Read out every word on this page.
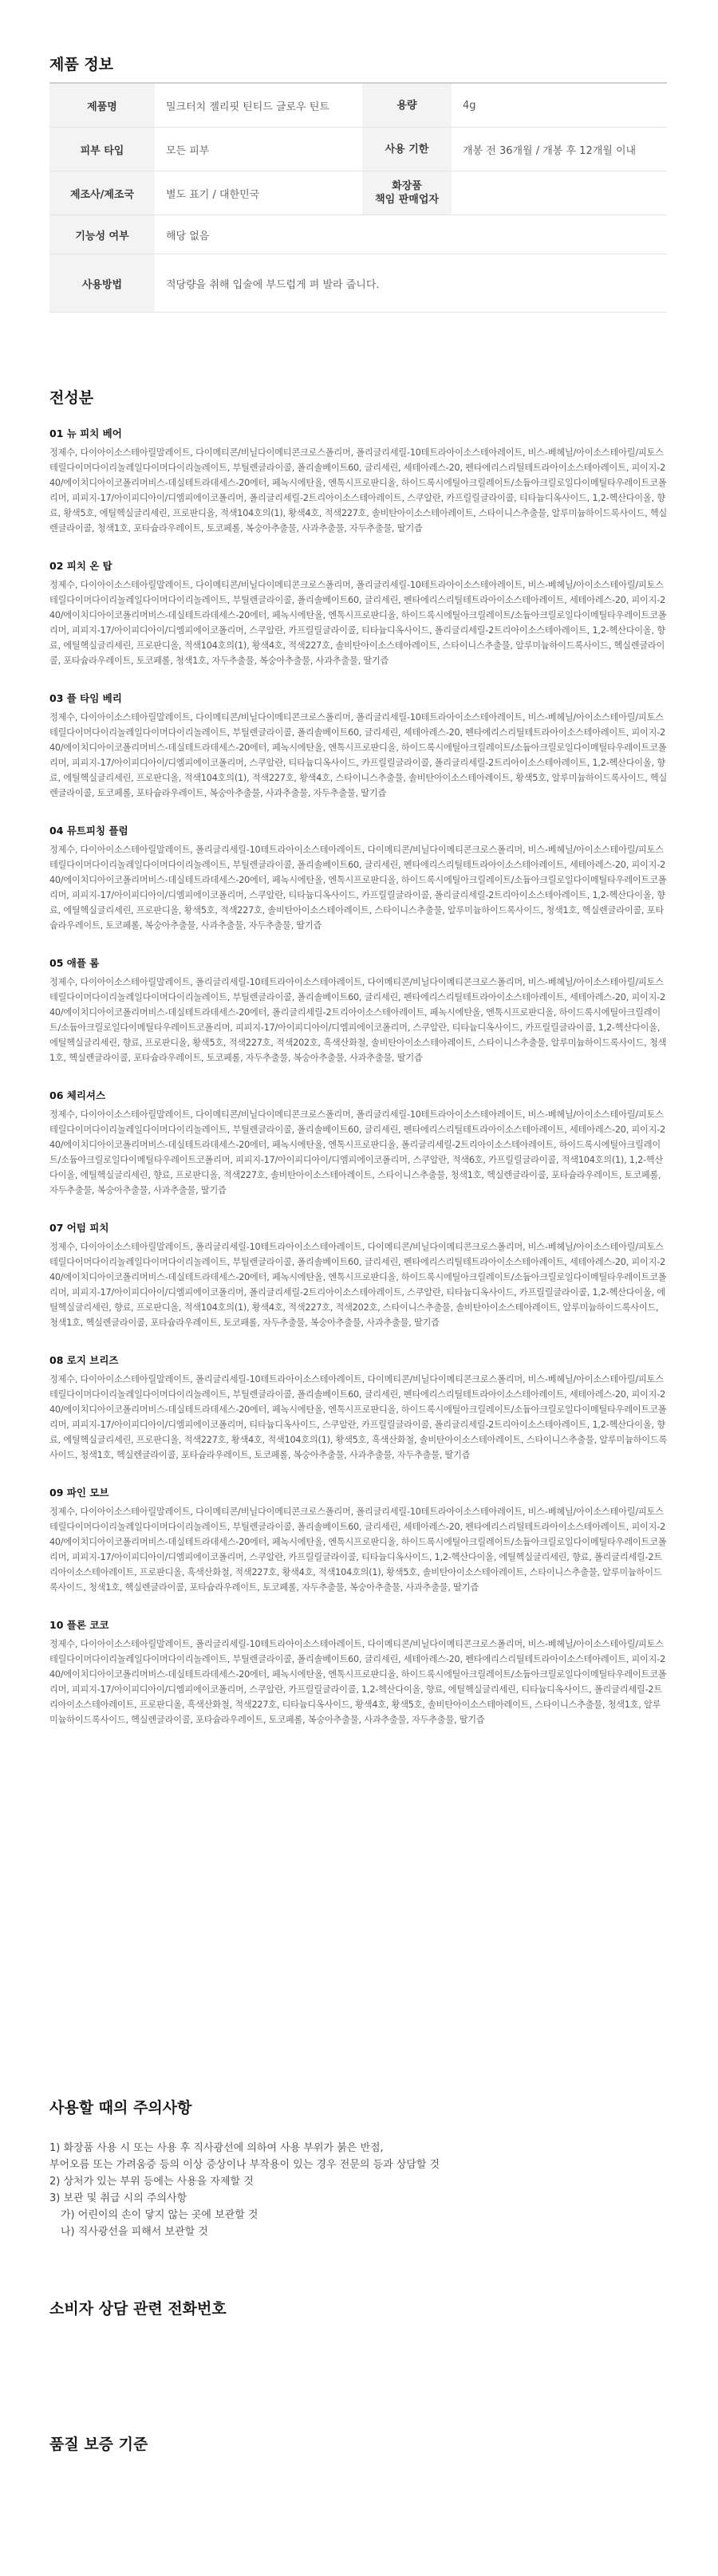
제품 정보
제품명	밀크터치 젤리핏 틴티드 글로우 틴트	용량	4g
피부 타입	모든 피부	사용 기한	개봉 전 36개월 / 개봉 후 12개월 이내
제조사/제조국	별도 표기 / 대한민국	화장품
책임 판매업자	
기능성 여부	해당 없음		
사용방법	적당량을 취해 입술에 부드럽게 펴 발라 줍니다.		
전성분
01 뉴 피치 베어
정제수, 다이아이소스테아릴말레이트, 다이메티콘/비닐다이메티콘크로스폴리머, 폴리글리세릴-10테트라아이소스테아레이트, 비스-베헤닐/아이소스테아릴/피토스테릴다이머다이리놀레일다이머다이리놀레이트, 부틸렌글라이콜, 폴리솔베이트60, 글리세린, 세테아레스-20, 펜타에리스리틸테트라아이소스테아레이트, 피이지-240/에이치디아이코폴리머비스-데실테트라데세스-20에터, 페녹시에탄올, 엔톡시프로판디올, 하이드록시에틸아크릴레이트/소듐아크릴로일다이메틸타우레이트코폴리머, 피피지-17/아이피디아이/디엠피에이코폴리머, 폴리글리세릴-2트리아이소스테아레이트, 스쿠알란, 카프릴릴글라이콜, 티타늄디옥사이드, 1,2-헥산다이올, 향료, 황색5호, 에틸헥실글리세린, 프로판디올, 적색104호의(1), 황색4호, 적색227호, 솔비탄아이소스테아레이트, 스타이니스추출물, 알루미늄하이드록사이드, 헥실렌글라이콜, 청색1호, 포타슘라우레이트, 토코페롤, 복숭아추출물, 사과추출물, 자두추출물, 딸기즙
02 피치 온 탑
정제수, 다이아이소스테아릴말레이트, 다이메티콘/비닐다이메티콘크로스폴리머, 폴리글리세릴-10테트라아이소스테아레이트, 비스-베헤닐/아이소스테아릴/피토스테릴다이머다이리놀레일다이머다이리놀레이트, 부틸렌글라이콜, 폴리솔베이트60, 글리세린, 펜타에리스리틸테트라아이소스테아레이트, 세테아레스-20, 피이지-240/에이치디아이코폴리머비스-데실테트라데세스-20에터, 페녹시에탄올, 엔톡시프로판디올, 하이드록시에틸아크릴레이트/소듐아크릴로일다이메틸타우레이트코폴리머, 피피지-17/아이피디아이/디엠피에이코폴리머, 스쿠알란, 카프릴릴글라이콜, 티타늄디옥사이드, 폴리글리세릴-2트리아이소스테아레이트, 1,2-헥산다이올, 향료, 에틸헥실글리세린, 프로판디올, 적색104호의(1), 황색4호, 적색227호, 솔비탄아이소스테아레이트, 스타이니스추출물, 알루미늄하이드록사이드, 헥실렌글라이콜, 포타슘라우레이트, 토코페롤, 청색1호, 자두추출물, 복숭아추출물, 사과추출물, 딸기즙
03 플 타임 베리
정제수, 다이아이소스테아릴말레이트, 다이메티콘/비닐다이메티콘크로스폴리머, 폴리글리세릴-10테트라아이소스테아레이트, 비스-베헤닐/아이소스테아릴/피토스테릴다이머다이리놀레일다이머다이리놀레이트, 부틸렌글라이콜, 폴리솔베이트60, 글리세린, 세테아레스-20, 펜타에리스리틸테트라아이소스테아레이트, 피이지-240/에이치디아이코폴리머비스-데실테트라데세스-20에터, 페녹시에탄올, 엔톡시프로판디올, 하이드록시에틸아크릴레이트/소듐아크릴로일다이메틸타우레이트코폴리머, 피피지-17/아이피디아이/디엠피에이코폴리머, 스쿠알란, 티타늄디옥사이드, 카프릴릴글라이콜, 폴리글리세릴-2트리아이소스테아레이트, 1,2-헥산다이올, 향료, 에틸헥실글리세린, 프로판디올, 적색104호의(1), 적색227호, 황색4호, 스타이니스추출물, 솔비탄아이소스테아레이트, 황색5호, 알루미늄하이드록사이드, 헥실렌글라이콜, 토코페롤, 포타슘라우레이트, 복숭아추출물, 사과추출물, 자두추출물, 딸기즙
04 뮤트피칭 플럼
정제수, 다이아이소스테아릴말레이트, 폴리글리세릴-10테트라아이소스테아레이트, 다이메티콘/비닐다이메티콘크로스폴리머, 비스-베헤닐/아이소스테아릴/피토스테릴다이머다이리놀레일다이머다이리놀레이트, 부틸렌글라이콜, 폴리솔베이트60, 글리세린, 펜타에리스리틸테트라아이소스테아레이트, 세테아레스-20, 피이지-240/에이치디아이코폴리머비스-데실테트라데세스-20에터, 페녹시에탄올, 엔톡시프로판디올, 하이드록시에틸아크릴레이트/소듐아크릴로일다이메틸타우레이트코폴리머, 피피지-17/아이피디아이/디엠피에이코폴리머, 스쿠알란, 티타늄디옥사이드, 카프릴릴글라이콜, 폴리글리세릴-2트리아이소스테아레이트, 1,2-헥산다이올, 향료, 에틸헥실글리세린, 프로판디올, 황색5호, 적색227호, 솔비탄아이소스테아레이트, 스타이니스추출물, 알루미늄하이드록사이드, 청색1호, 헥실렌글라이콜, 포타슘라우레이트, 토코페롤, 복숭아추출물, 사과추출물, 자두추출물, 딸기즙
05 애플 롬
정제수, 다이아이소스테아릴말레이트, 폴리글리세릴-10테트라아이소스테아레이트, 다이메티콘/비닐다이메티콘크로스폴리머, 비스-베헤닐/아이소스테아릴/피토스테릴다이머다이리놀레일다이머다이리놀레이트, 부틸렌글라이콜, 폴리솔베이트60, 글리세린, 펜타에리스리틸테트라아이소스테아레이트, 세테아레스-20, 피이지-240/에이치디아이코폴리머비스-데실테트라데세스-20에터, 폴리글리세릴-2트리아이소스테아레이트, 페녹시에탄올, 엔톡시프로판디올, 하이드록시에틸아크릴레이트/소듐아크릴로일다이메틸타우레이트코폴리머, 피피지-17/아이피디아이/디엠피에이코폴리머, 스쿠알란, 티타늄디옥사이드, 카프릴릴글라이콜, 1,2-헥산다이올, 에틸헥실글리세린, 향료, 프로판디올, 황색5호, 적색227호, 적색202호, 흑색산화철, 솔비탄아이소스테아레이트, 스타이니스추출물, 알루미늄하이드록사이드, 청색1호, 헥실렌글라이콜, 포타슘라우레이트, 토코페롤, 자두추출물, 복숭아추출물, 사과추출물, 딸기즙
06 체리셔스
정제수, 다이아이소스테아릴말레이트, 다이메티콘/비닐다이메티콘크로스폴리머, 폴리글리세릴-10테트라아이소스테아레이트, 비스-베헤닐/아이소스테아릴/피토스테릴다이머다이리놀레일다이머다이리놀레이트, 부틸렌글라이콜, 폴리솔베이트60, 글리세린, 펜타에리스리틸테트라아이소스테아레이트, 세테아레스-20, 피이지-240/에이치디아이코폴리머비스-데실테트라데세스-20에터, 페녹시에탄올, 엔톡시프로판디올, 폴리글리세릴-2트리아이소스테아레이트, 하이드록시에틸아크릴레이트/소듐아크릴로일다이메틸타우레이트코폴리머, 피피지-17/아이피디아이/디엠피에이코폴리머, 스쿠알란, 적색6호, 카프릴릴글라이콜, 적색104호의(1), 1,2-헥산다이올, 에틸헥실글리세린, 향료, 프로판디올, 적색227호, 솔비탄아이소스테아레이트, 스타이니스추출물, 청색1호, 헥실렌글라이콜, 포타슘라우레이트, 토코페롤, 자두추출물, 복숭아추출물, 사과추출물, 딸기즙
07 어텀 피치
정제수, 다이아이소스테아릴말레이트, 폴리글리세릴-10테트라아이소스테아레이트, 다이메티콘/비닐다이메티콘크로스폴리머, 비스-베헤닐/아이소스테아릴/피토스테릴다이머다이리놀레일다이머다이리놀레이트, 부틸렌글라이콜, 폴리솔베이트60, 글리세린, 펜타에리스리틸테트라아이소스테아레이트, 세테아레스-20, 피이지-240/에이치디아이코폴리머비스-데실테트라데세스-20에터, 페녹시에탄올, 엔톡시프로판디올, 하이드록시에틸아크릴레이트/소듐아크릴로일다이메틸타우레이트코폴리머, 피피지-17/아이피디아이/디엠피에이코폴리머, 폴리글리세릴-2트리아이소스테아레이트, 스쿠알란, 티타늄디옥사이드, 카프릴릴글라이콜, 1,2-헥산다이올, 에틸헥실글리세린, 향료, 프로판디올, 적색104호의(1), 황색4호, 적색227호, 적색202호, 스타이니스추출물, 솔비탄아이소스테아레이트, 알루미늄하이드록사이드, 청색1호, 헥실렌글라이콜, 포타슘라우레이트, 토코페롤, 자두추출물, 복숭아추출물, 사과추출물, 딸기즙
08 로지 브리즈
정제수, 다이아이소스테아릴말레이트, 폴리글리세릴-10테트라아이소스테아레이트, 다이메티콘/비닐다이메티콘크로스폴리머, 비스-베헤닐/아이소스테아릴/피토스테릴다이머다이리놀레일다이머다이리놀레이트, 부틸렌글라이콜, 폴리솔베이트60, 글리세린, 펜타에리스리틸테트라아이소스테아레이트, 세테아레스-20, 피이지-240/에이치디아이코폴리머비스-데실테트라데세스-20에터, 페녹시에탄올, 엔톡시프로판디올, 하이드록시에틸아크릴레이트/소듐아크릴로일다이메틸타우레이트코폴리머, 피피지-17/아이피디아이/디엠피에이코폴리머, 티타늄디옥사이드, 스쿠알란, 카프릴릴글라이콜, 폴리글리세릴-2트리아이소스테아레이트, 1,2-헥산다이올, 향료, 에틸헥실글리세린, 프로판디올, 적색227호, 황색4호, 적색104호의(1), 황색5호, 흑색산화철, 솔비탄아이소스테아레이트, 스타이니스추출물, 알루미늄하이드록사이드, 청색1호, 헥실렌글라이콜, 포타슘라우레이트, 토코페롤, 복숭아추출물, 사과추출물, 자두추출물, 딸기즙
09 파인 모브
정제수, 다이아이소스테아릴말레이트, 다이메티콘/비닐다이메티콘크로스폴리머, 폴리글리세릴-10테트라아이소스테아레이트, 비스-베헤닐/아이소스테아릴/피토스테릴다이머다이리놀레일다이머다이리놀레이트, 부틸렌글라이콜, 폴리솔베이트60, 글리세린, 세테아레스-20, 펜타에리스리틸테트라아이소스테아레이트, 피이지-240/에이치디아이코폴리머비스-데실테트라데세스-20에터, 페녹시에탄올, 엔톡시프로판디올, 하이드록시에틸아크릴레이트/소듐아크릴로일다이메틸타우레이트코폴리머, 피피지-17/아이피디아이/디엠피에이코폴리머, 스쿠알란, 카프릴릴글라이콜, 티타늄디옥사이드, 1,2-헥산다이올, 에틸헥실글리세린, 향료, 폴리글리세릴-2트리아이소스테아레이트, 프로판디올, 흑색산화철, 적색227호, 황색4호, 적색104호의(1), 황색5호, 솔비탄아이소스테아레이트, 스타이니스추출물, 알루미늄하이드록사이드, 청색1호, 헥실렌글라이콜, 포타슘라우레이트, 토코페롤, 자두추출물, 복숭아추출물, 사과추출물, 딸기즙
10 플론 코코
정제수, 다이아이소스테아릴말레이트, 폴리글리세릴-10테트라아이소스테아레이트, 다이메티콘/비닐다이메티콘크로스폴리머, 비스-베헤닐/아이소스테아릴/피토스테릴다이머다이리놀레일다이머다이리놀레이트, 부틸렌글라이콜, 폴리솔베이트60, 글리세린, 세테아레스-20, 펜타에리스리틸테트라아이소스테아레이트, 피이지-240/에이치디아이코폴리머비스-데실테트라데세스-20에터, 페녹시에탄올, 엔톡시프로판디올, 하이드록시에틸아크릴레이트/소듐아크릴로일다이메틸타우레이트코폴리머, 피피지-17/아이피디아이/디엠피에이코폴리머, 스쿠알란, 카프릴릴글라이콜, 1,2-헥산다이올, 향료, 에틸헥실글리세린, 티타늄디옥사이드, 폴리글리세릴-2트리아이소스테아레이트, 프로판디올, 흑색산화철, 적색227호, 티타늄디옥사이드, 황색4호, 황색5호, 솔비탄아이소스테아레이트, 스타이니스추출물, 청색1호, 알루미늄하이드록사이드, 헥실렌글라이콜, 포타슘라우레이트, 토코페롤, 복숭아추출물, 사과추출물, 자두추출물, 딸기즙
사용할 때의 주의사항
1) 화장품 사용 시 또는 사용 후 직사광선에 의하여 사용 부위가 붉은 반점,
부어오름 또는 가려움증 등의 이상 증상이나 부작용이 있는 경우 전문의 등과 상담할 것
2) 상처가 있는 부위 등에는 사용을 자제할 것
3) 보관 및 취급 시의 주의사항
가) 어린이의 손이 닿지 않는 곳에 보관할 것
나) 직사광선을 피해서 보관할 것
소비자 상담 관련 전화번호
품질 보증 기준
